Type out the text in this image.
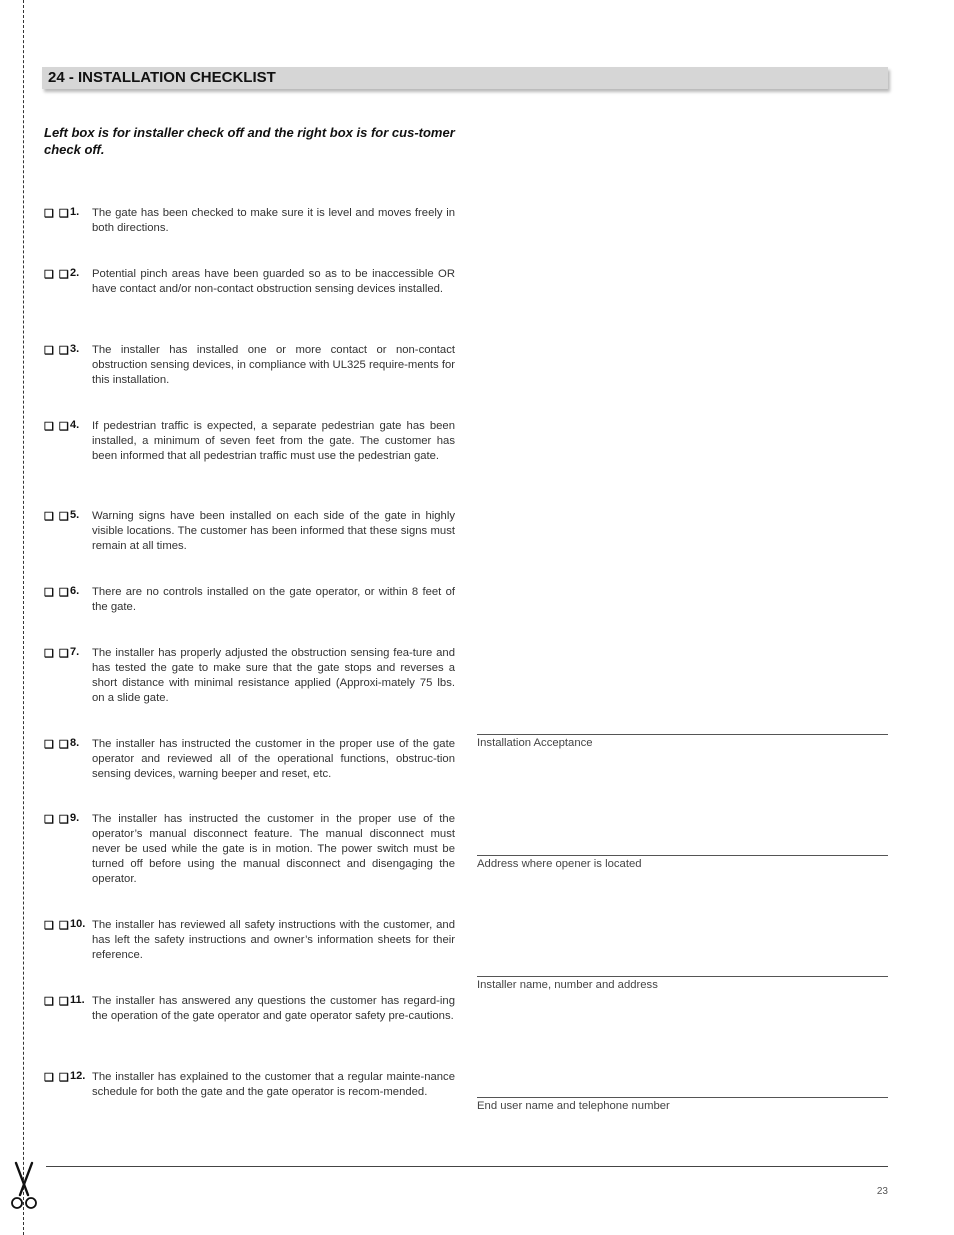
24 - INSTALLATION CHECKLIST
Left box is for installer check off and the right box is for cus-tomer check off.
❏ ❏ 1. The gate has been checked to make sure it is level and moves freely in both directions.
❏ ❏ 2. Potential pinch areas have been guarded so as to be inaccessible OR have contact and/or non-contact obstruction sensing devices installed.
❏ ❏ 3. The installer has installed one or more contact or non-contact obstruction sensing devices, in compliance with UL325 require-ments for this installation.
❏ ❏ 4. If pedestrian traffic is expected, a separate pedestrian gate has been installed, a minimum of seven feet from the gate. The customer has been informed that all pedestrian traffic must use the pedestrian gate.
❏ ❏ 5. Warning signs have been installed on each side of the gate in highly visible locations. The customer has been informed that these signs must remain at all times.
❏ ❏ 6. There are no controls installed on the gate operator, or within 8 feet of the gate.
❏ ❏ 7. The installer has properly adjusted the obstruction sensing fea-ture and has tested the gate to make sure that the gate stops and reverses a short distance with minimal resistance applied (Approxi-mately 75 lbs. on a slide gate.
❏ ❏ 8. The installer has instructed the customer in the proper use of the gate operator and reviewed all of the operational functions, obstruc-tion sensing devices, warning beeper and reset, etc.
❏ ❏ 9. The installer has instructed the customer in the proper use of the operator’s manual disconnect feature. The manual disconnect must never be used while the gate is in motion. The power switch must be turned off before using the manual disconnect and disengaging the operator.
❏ ❏ 10. The installer has reviewed all safety instructions with the customer, and has left the safety instructions and owner’s information sheets for their reference.
❏ ❏ 11. The installer has answered any questions the customer has regard-ing the operation of the gate operator and gate operator safety pre-cautions.
❏ ❏ 12. The installer has explained to the customer that a regular mainte-nance schedule for both the gate and the gate operator is recom-mended.
Installation Acceptance
Address where opener is located
Installer name, number and address
End user name and telephone number
23
